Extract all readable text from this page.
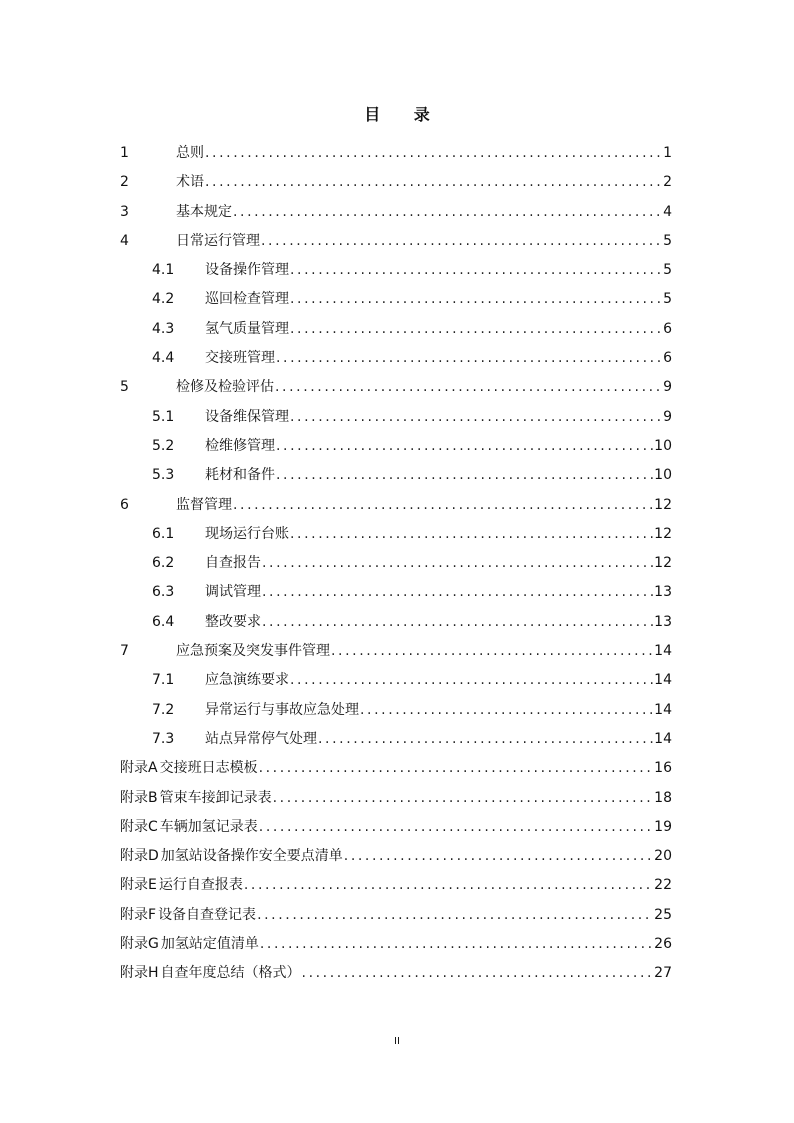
目 录
1	总则 .....	1
2	术语 .....	2
3	基本规定 .....	4
4	日常运行管理 .....	5
4.1	设备操作管理 .....	5
4.2	巡回检查管理 .....	5
4.3	氢气质量管理 .....	6
4.4	交接班管理 .....	6
5	检修及检验评估 .....	9
5.1	设备维保管理 .....	9
5.2	检维修管理 .....	10
5.3	耗材和备件 .....	10
6	监督管理 .....	12
6.1	现场运行台账 .....	12
6.2	自查报告 .....	12
6.3	调试管理 .....	13
6.4	整改要求 .....	13
7	应急预案及突发事件管理 .....	14
7.1	应急演练要求 .....	14
7.2	异常运行与事故应急处理 .....	14
7.3	站点异常停气处理 .....	14
附录A 交接班日志模板 .....	16
附录B 管束车接卸记录表 .....	18
附录C 车辆加氢记录表 .....	19
附录D 加氢站设备操作安全要点清单 .....	20
附录E 运行自查报表 .....	22
附录F 设备自查登记表 .....	25
附录G 加氢站定值清单 .....	26
附录H 自查年度总结（格式） .....	27
II
